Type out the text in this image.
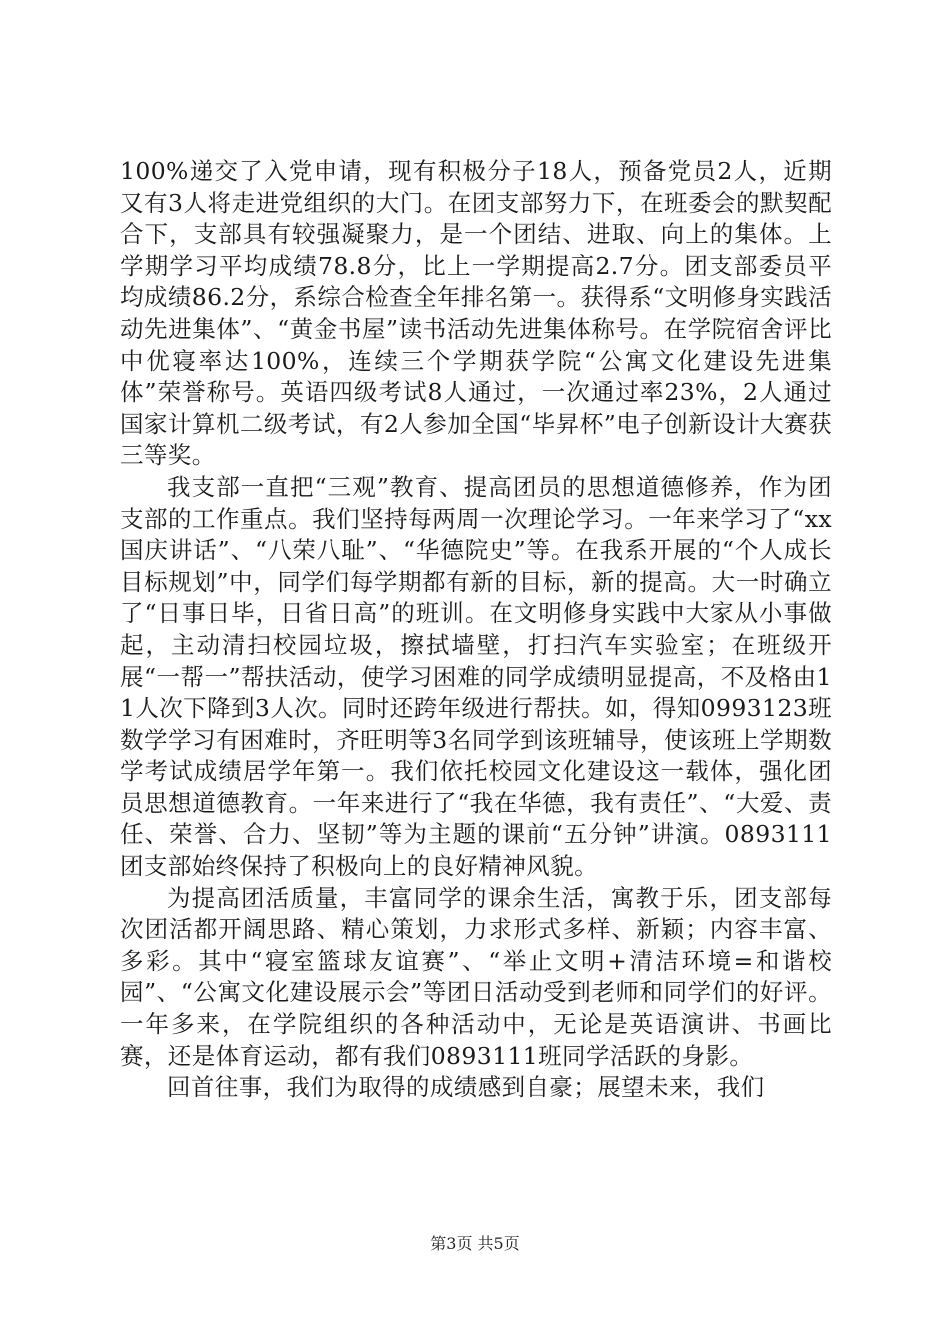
100%递交了入党申请，现有积极分子18人，预备党员2人，近期又有3人将走进党组织的大门。在团支部努力下，在班委会的默契配合下，支部具有较强凝聚力，是一个团结、进取、向上的集体。上学期学习平均成绩78.8分，比上一学期提高2.7分。团支部委员平均成绩86.2分，系综合检查全年排名第一。获得系“文明修身实践活动先进集体”、“黄金书屋”读书活动先进集体称号。在学院宿舍评比中优寝率达100%，连续三个学期获学院“公寓文化建设先进集体”荣誉称号。英语四级考试8人通过，一次通过率23%，2人通过国家计算机二级考试，有2人参加全国“毕昇杯”电子创新设计大赛获三等奖。

我支部一直把“三观”教育、提高团员的思想道德修养，作为团支部的工作重点。我们坚持每两周一次理论学习。一年来学习了“xx国庆讲话”、“八荣八耻”、“华德院史”等。在我系开展的“个人成长目标规划”中，同学们每学期都有新的目标，新的提高。大一时确立了“日事日毕，日省日高”的班训。在文明修身实践中大家从小事做起，主动清扫校园垃圾，擦拭墙壁，打扫汽车实验室；在班级开展“一帮一”帮扶活动，使学习困难的同学成绩明显提高，不及格由11人次下降到3人次。同时还跨年级进行帮扶。如，得知0993123班数学学习有困难时，齐旺明等3名同学到该班辅导，使该班上学期数学考试成绩居学年第一。我们依托校园文化建设这一载体，强化团员思想道德教育。一年来进行了“我在华德，我有责任”、“大爱、责任、荣誉、合力、坚韧”等为主题的课前“五分钟”讲演。0893111团支部始终保持了积极向上的良好精神风貌。

为提高团活质量，丰富同学的课余生活，寓教于乐，团支部每次团活都开阔思路、精心策划，力求形式多样、新颖；内容丰富、多彩。其中“寝室篮球友谊赛”、“举止文明+清洁环境=和谐校园”、“公寓文化建设展示会”等团日活动受到老师和同学们的好评。一年多来，在学院组织的各种活动中，无论是英语演讲、书画比赛，还是体育运动，都有我们0893111班同学活跃的身影。

回首往事，我们为取得的成绩感到自豪；展望未来，我们

第3页 共5页
